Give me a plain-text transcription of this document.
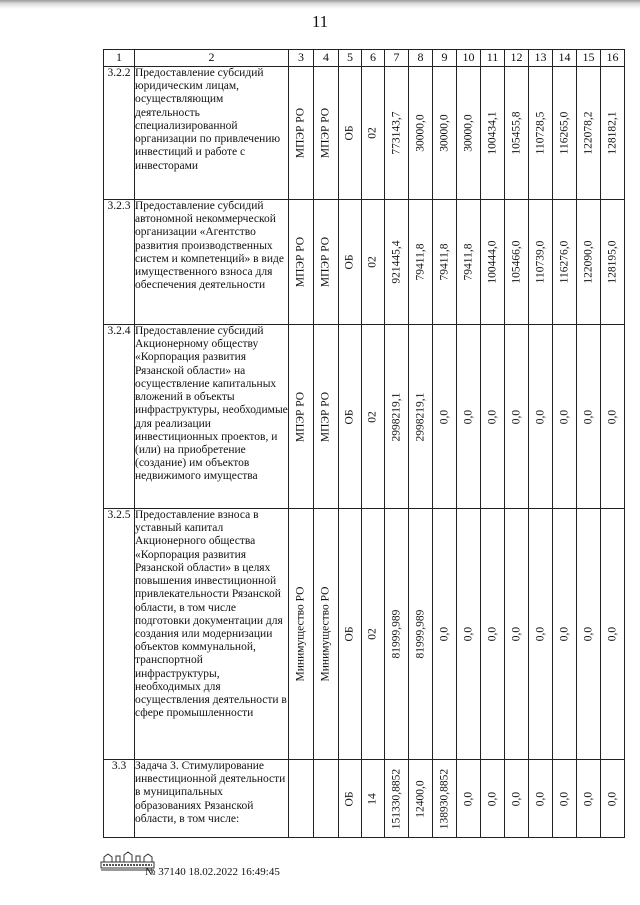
11
1	2	3	4	5	6	7	8	9	10	11	12	13	14	15	16
3.2.2	Предоставление субсидий юридическим лицам, осуществляющим деятельность специализированной организации по привлечению инвестиций и работе с инвесторами	МПЭР РО	МПЭР РО	ОБ	02	773143,7	30000,0	30000,0	30000,0	100434,1	105455,8	110728,5	116265,0	122078,2	128182,1

3.2.3	Предоставление субсидий автономной некоммерческой организации «Агентство развития производственных систем и компетенций» в виде имущественного взноса для обеспечения деятельности	МПЭР РО	МПЭР РО	ОБ	02	921445,4	79411,8	79411,8	79411,8	100444,0	105466,0	110739,0	116276,0	122090,0	128195,0

3.2.4	Предоставление субсидий Акционерному обществу «Корпорация развития Рязанской области» на осуществление капитальных вложений в объекты инфраструктуры, необходимые для реализации инвестиционных проектов, и (или) на приобретение (создание) им объектов недвижимого имущества	МПЭР РО	МПЭР РО	ОБ	02	2998219,1	2998219,1	0,0	0,0	0,0	0,0	0,0	0,0	0,0	0,0

3.2.5	Предоставление взноса в уставный капитал Акционерного общества «Корпорация развития Рязанской области» в целях повышения инвестиционной привлекательности Рязанской области, в том числе подготовки документации для создания или модернизации объектов коммунальной, транспортной инфраструктуры, необходимых для осуществления деятельности в сфере промышленности	Минимущество РО	Минимущество РО	ОБ	02	81999,989	81999,989	0,0	0,0	0,0	0,0	0,0	0,0	0,0	0,0

3.3	Задача 3. Стимулирование инвестиционной деятельности в муниципальных образованиях Рязанской области, в том числе:			ОБ	14	151330,8852	12400,0	138930,8852	0,0	0,0	0,0	0,0	0,0	0,0	0,0
№ 37140 18.02.2022 16:49:45
